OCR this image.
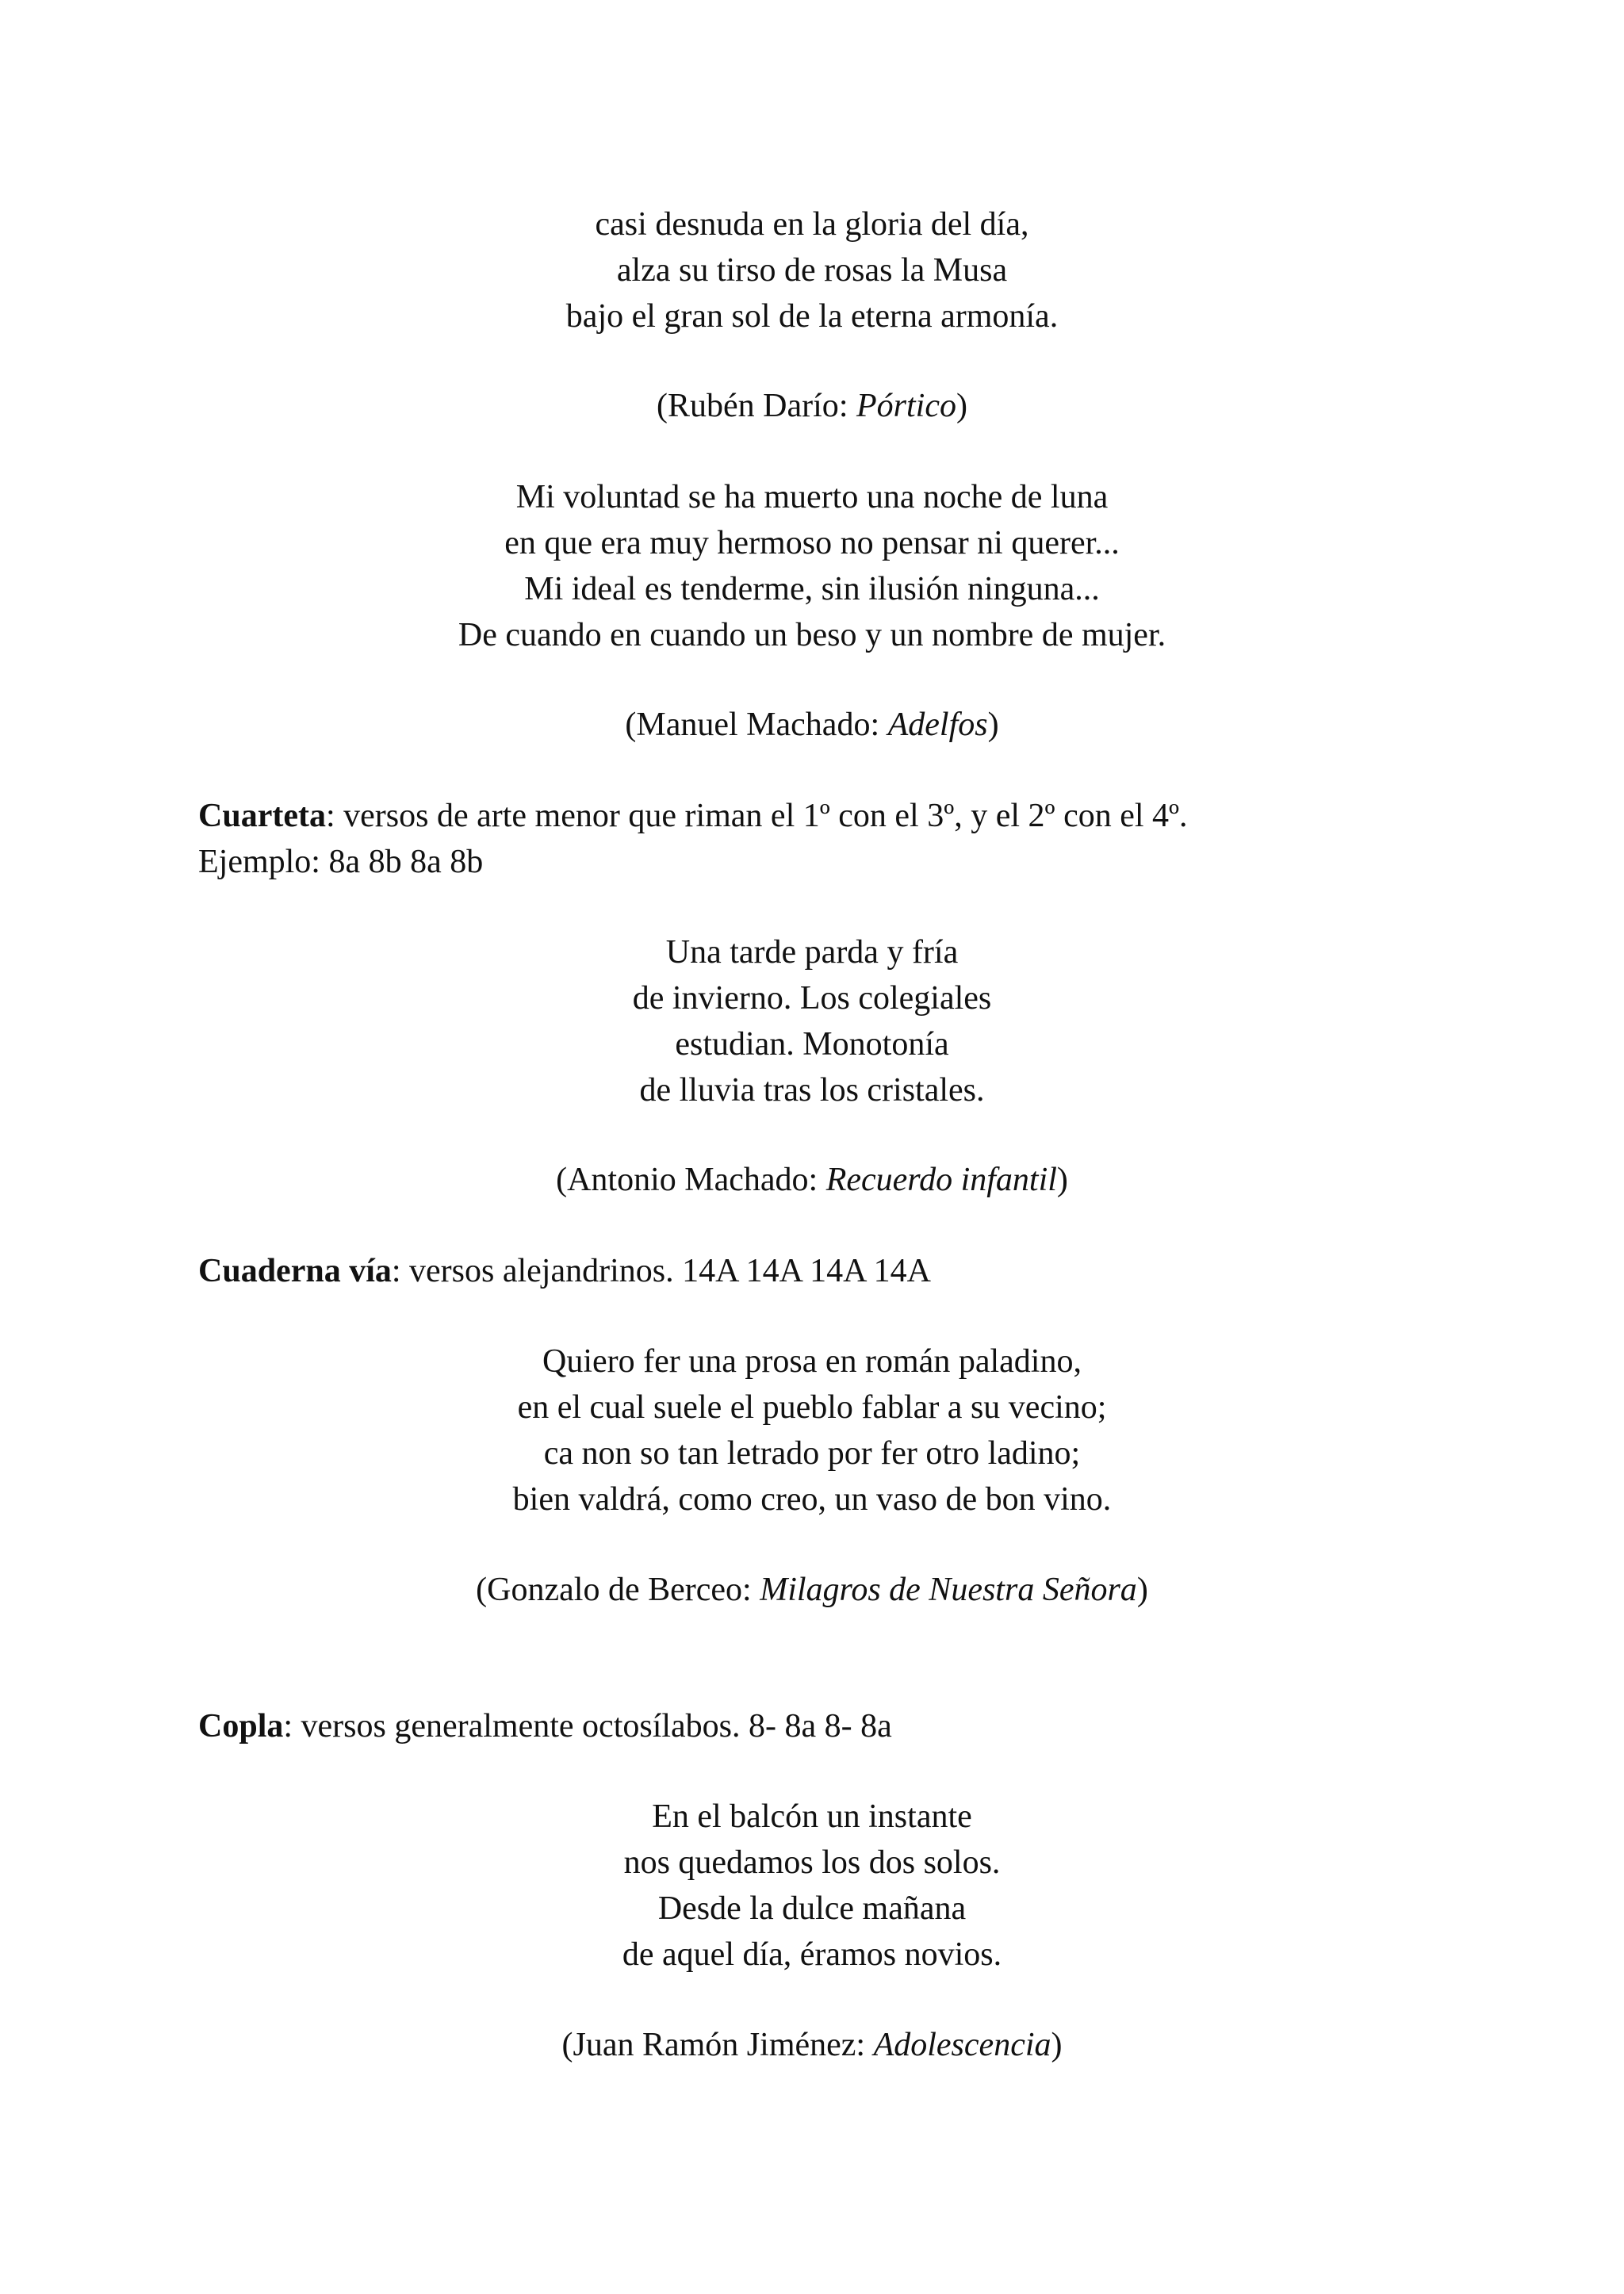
casi desnuda en la gloria del día,
alza su tirso de rosas la Musa
bajo el gran sol de la eterna armonía.
(Rubén Darío: Pórtico)
Mi voluntad se ha muerto una noche de luna
en que era muy hermoso no pensar ni querer...
Mi ideal es tenderme, sin ilusión ninguna...
De cuando en cuando un beso y un nombre de mujer.
(Manuel Machado: Adelfos)
Cuarteta: versos de arte menor que riman el 1º con el 3º, y el 2º con el 4º.
Ejemplo: 8a 8b 8a 8b
Una tarde parda y fría
de invierno. Los colegiales
estudian. Monotonía
de lluvia tras los cristales.
(Antonio Machado: Recuerdo infantil)
Cuaderna vía: versos alejandrinos. 14A 14A 14A 14A
Quiero fer una prosa en román paladino,
en el cual suele el pueblo fablar a su vecino;
ca non so tan letrado por fer otro ladino;
bien valdrá, como creo, un vaso de bon vino.
(Gonzalo de Berceo: Milagros de Nuestra Señora)
Copla: versos generalmente octosílabos. 8- 8a 8- 8a
En el balcón un instante
nos quedamos los dos solos.
Desde la dulce mañana
de aquel día, éramos novios.
(Juan Ramón Jiménez: Adolescencia)
